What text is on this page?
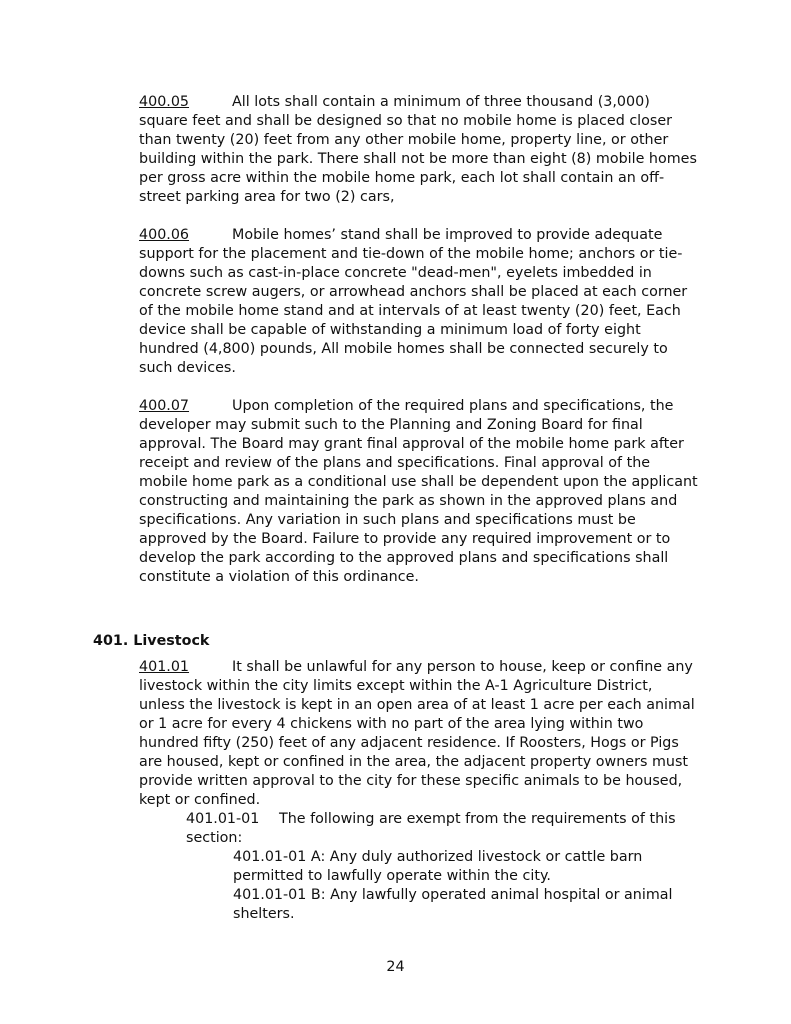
400.05	All lots shall contain a minimum of three thousand (3,000) square feet and shall be designed so that no mobile home is placed closer than twenty (20) feet from any other mobile home, property line, or other building within the park. There shall not be more than eight (8) mobile homes per gross acre within the mobile home park, each lot shall contain an off-street parking area for two (2) cars,

400.06	Mobile homes’ stand shall be improved to provide adequate support for the placement and tie-down of the mobile home; anchors or tie-downs such as cast-in-place concrete "dead-men", eyelets imbedded in concrete screw augers, or arrowhead anchors shall be placed at each corner of the mobile home stand and at intervals of at least twenty (20) feet, Each device shall be capable of withstanding a minimum load of forty eight hundred (4,800) pounds, All mobile homes shall be connected securely to such devices.

400.07	Upon completion of the required plans and specifications, the developer may submit such to the Planning and Zoning Board for final approval. The Board may grant final approval of the mobile home park after receipt and review of the plans and specifications. Final approval of the mobile home park as a conditional use shall be dependent upon the applicant constructing and maintaining the park as shown in the approved plans and specifications. Any variation in such plans and specifications must be approved by the Board. Failure to provide any required improvement or to develop the park according to the approved plans and specifications shall constitute a violation of this ordinance.

401. Livestock

401.01	It shall be unlawful for any person to house, keep or confine any livestock within the city limits except within the A-1 Agriculture District, unless the livestock is kept in an open area of at least 1 acre per each animal or 1 acre for every 4 chickens with no part of the area lying within two hundred fifty (250) feet of any adjacent residence. If Roosters, Hogs or Pigs are housed, kept or confined in the area, the adjacent property owners must provide written approval to the city for these specific animals to be housed, kept or confined.

401.01-01 The following are exempt from the requirements of this section:

401.01-01 A: Any duly authorized livestock or cattle barn permitted to lawfully operate within the city.

401.01-01 B: Any lawfully operated animal hospital or animal shelters.

24
